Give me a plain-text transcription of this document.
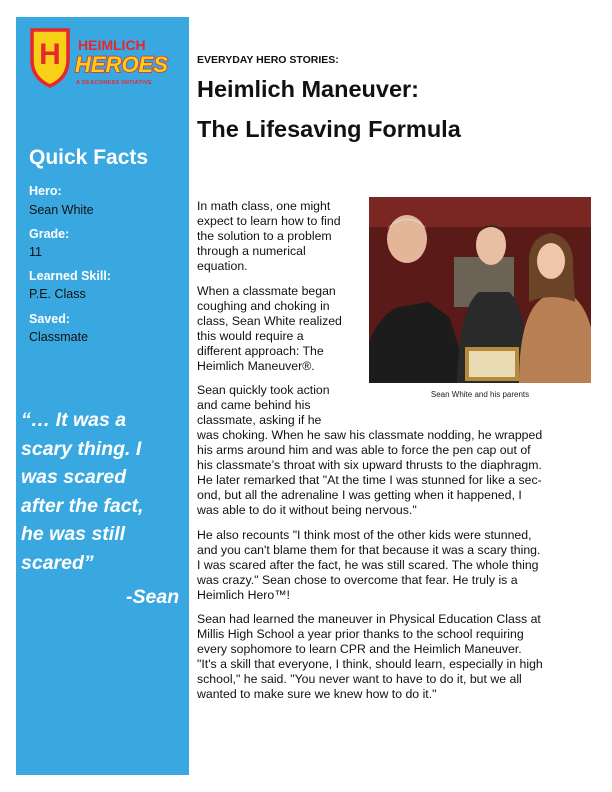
H HEIMLICH
HEROES
A DEACONESS INITIATIVE
Quick Facts
Hero:
Sean White
Grade:
11
Learned Skill:
P.E. Class
Saved:
Classmate
“… It was a
scary thing. I
was scared
after the fact,
he was still
scared”
-Sean
EVERYDAY HERO STORIES:
Heimlich Maneuver:
The Lifesaving Formula
Sean White and his parents
In math class, one might
expect to learn how to find
the solution to a problem
through a numerical
equation.
When a classmate began
coughing and choking in
class, Sean White realized
this would require a
different approach: The
Heimlich Maneuver®.
Sean quickly took action
and came behind his
classmate, asking if he
was choking. When he saw his classmate nodding, he wrapped
his arms around him and was able to force the pen cap out of
his classmate’s throat with six upward thrusts to the diaphragm.
He later remarked that "At the time I was stunned for like a sec-
ond, but all the adrenaline I was getting when it happened, I
was able to do it without being nervous."
He also recounts "I think most of the other kids were stunned,
and you can't blame them for that because it was a scary thing.
I was scared after the fact, he was still scared. The whole thing
was crazy." Sean chose to overcome that fear. He truly is a
Heimlich Hero™!
Sean had learned the maneuver in Physical Education Class at
Millis High School a year prior thanks to the school requiring
every sophomore to learn CPR and the Heimlich Maneuver.
"It's a skill that everyone, I think, should learn, especially in high
school," he said. "You never want to have to do it, but we all
wanted to make sure we knew how to do it."
